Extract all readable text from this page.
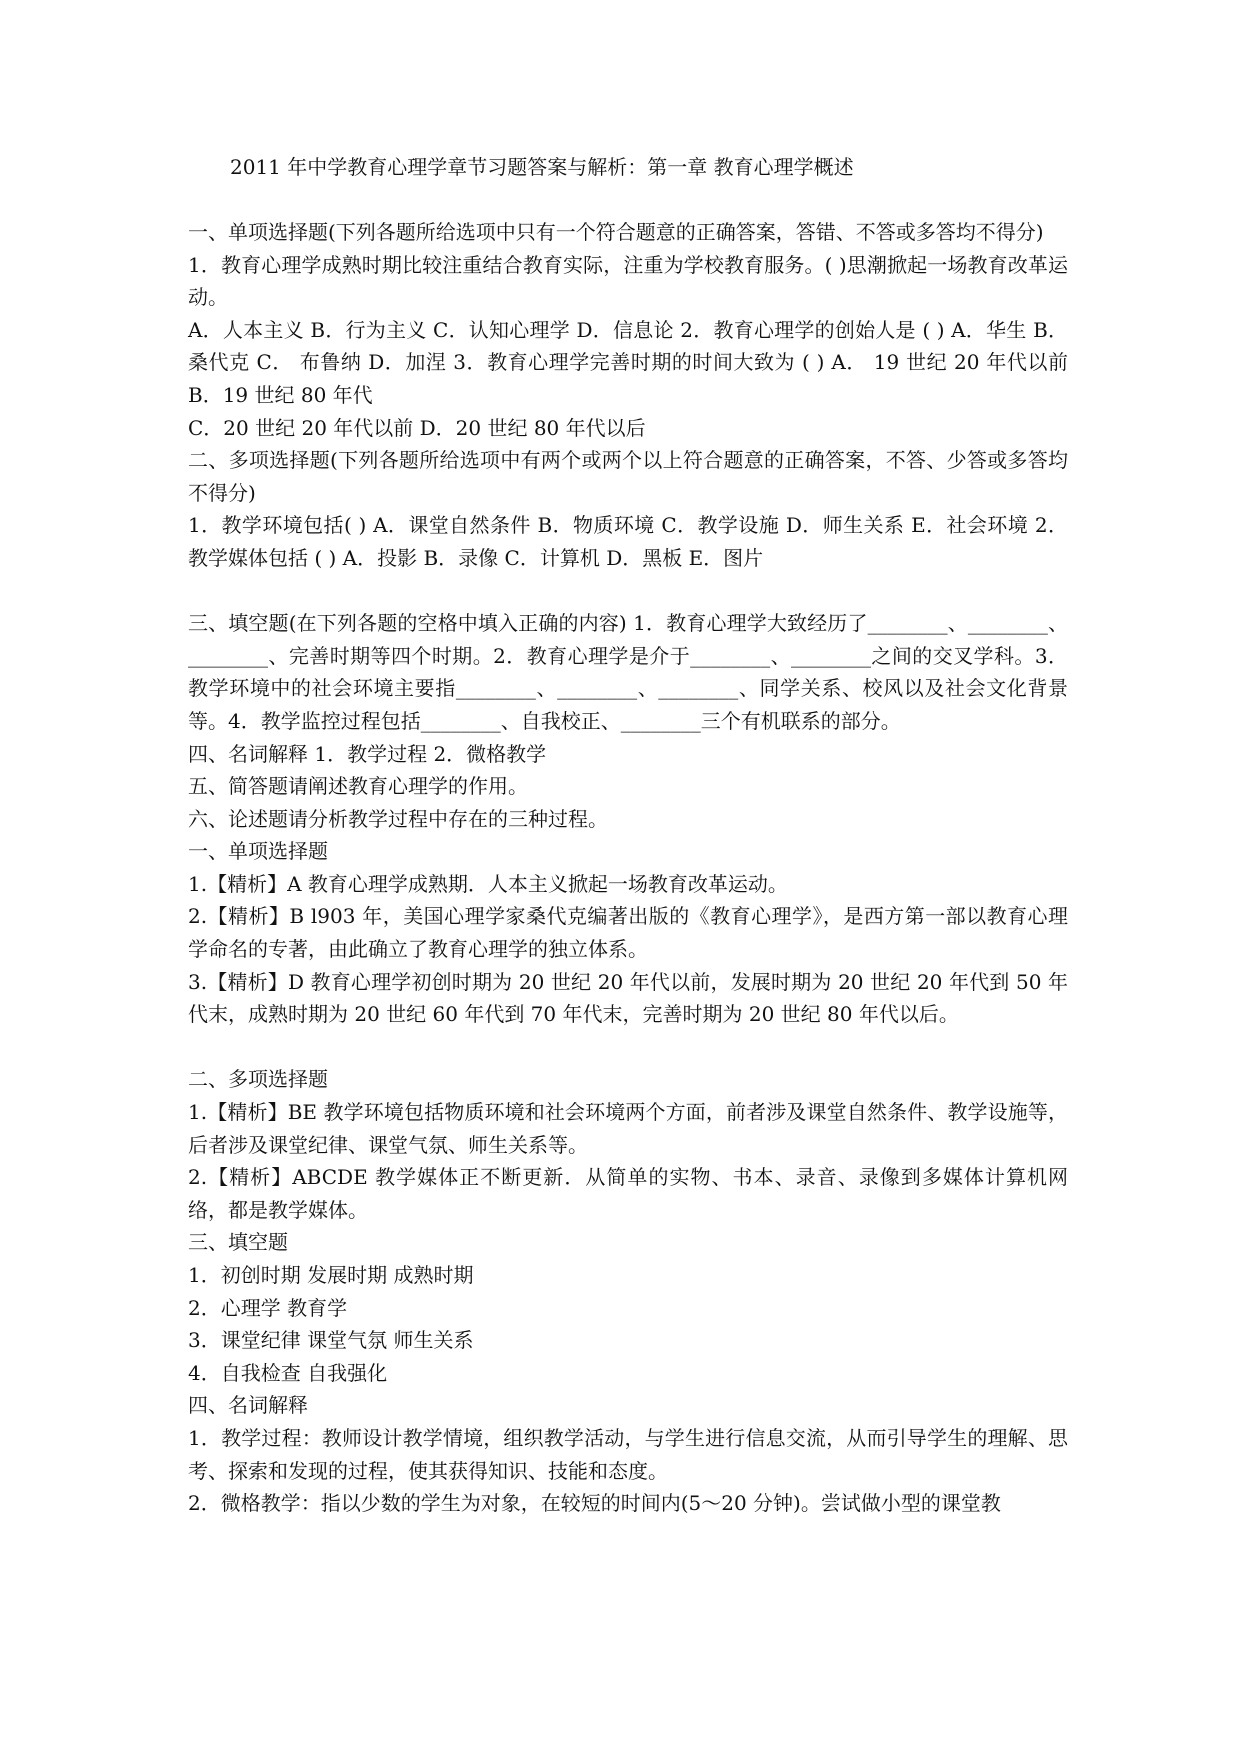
2011 年中学教育心理学章节习题答案与解析：第一章 教育心理学概述

一、单项选择题(下列各题所给选项中只有一个符合题意的正确答案，答错、不答或多答均不得分)

1．教育心理学成熟时期比较注重结合教育实际，注重为学校教育服务。( )思潮掀起一场教育改革运动。

A．人本主义 B．行为主义 C．认知心理学 D．信息论 2．教育心理学的创始人是 ( ) A．华生 B． 桑代克 C． 布鲁纳 D．加涅 3．教育心理学完善时期的时间大致为 ( ) A． 19 世纪 20 年代以前 B．19 世纪 80 年代

C．20 世纪 20 年代以前 D．20 世纪 80 年代以后

二、多项选择题(下列各题所给选项中有两个或两个以上符合题意的正确答案，不答、少答或多答均不得分)

1．教学环境包括( ) A．课堂自然条件 B．物质环境 C．教学设施 D．师生关系 E．社会环境 2．教学媒体包括 ( ) A．投影 B．录像 C．计算机 D．黑板 E．图片

三、填空题(在下列各题的空格中填入正确的内容) 1．教育心理学大致经历了________、________、________、完善时期等四个时期。2．教育心理学是介于________、________之间的交叉学科。3．教学环境中的社会环境主要指________、________、________、同学关系、校风以及社会文化背景等。4．教学监控过程包括________、自我校正、________三个有机联系的部分。

四、名词解释 1．教学过程 2．微格教学

五、简答题请阐述教育心理学的作用。

六、论述题请分析教学过程中存在的三种过程。

一、单项选择题

1.【精析】A 教育心理学成熟期．人本主义掀起一场教育改革运动。

2.【精析】B l903 年，美国心理学家桑代克编著出版的《教育心理学》，是西方第一部以教育心理学命名的专著，由此确立了教育心理学的独立体系。

3.【精析】D 教育心理学初创时期为 20 世纪 20 年代以前，发展时期为 20 世纪 20 年代到 50 年代末，成熟时期为 20 世纪 60 年代到 70 年代末，完善时期为 20 世纪 80 年代以后。

二、多项选择题

1.【精析】BE 教学环境包括物质环境和社会环境两个方面，前者涉及课堂自然条件、教学设施等，后者涉及课堂纪律、课堂气氛、师生关系等。

2.【精析】ABCDE 教学媒体正不断更新．从简单的实物、书本、录音、录像到多媒体计算机网络，都是教学媒体。

三、填空题

1．初创时期 发展时期 成熟时期

2．心理学 教育学

3．课堂纪律 课堂气氛 师生关系

4．自我检查 自我强化

四、名词解释

1．教学过程：教师设计教学情境，组织教学活动，与学生进行信息交流，从而引导学生的理解、思考、探索和发现的过程，使其获得知识、技能和态度。

2．微格教学：指以少数的学生为对象，在较短的时间内(5～20 分钟)。尝试做小型的课堂教
